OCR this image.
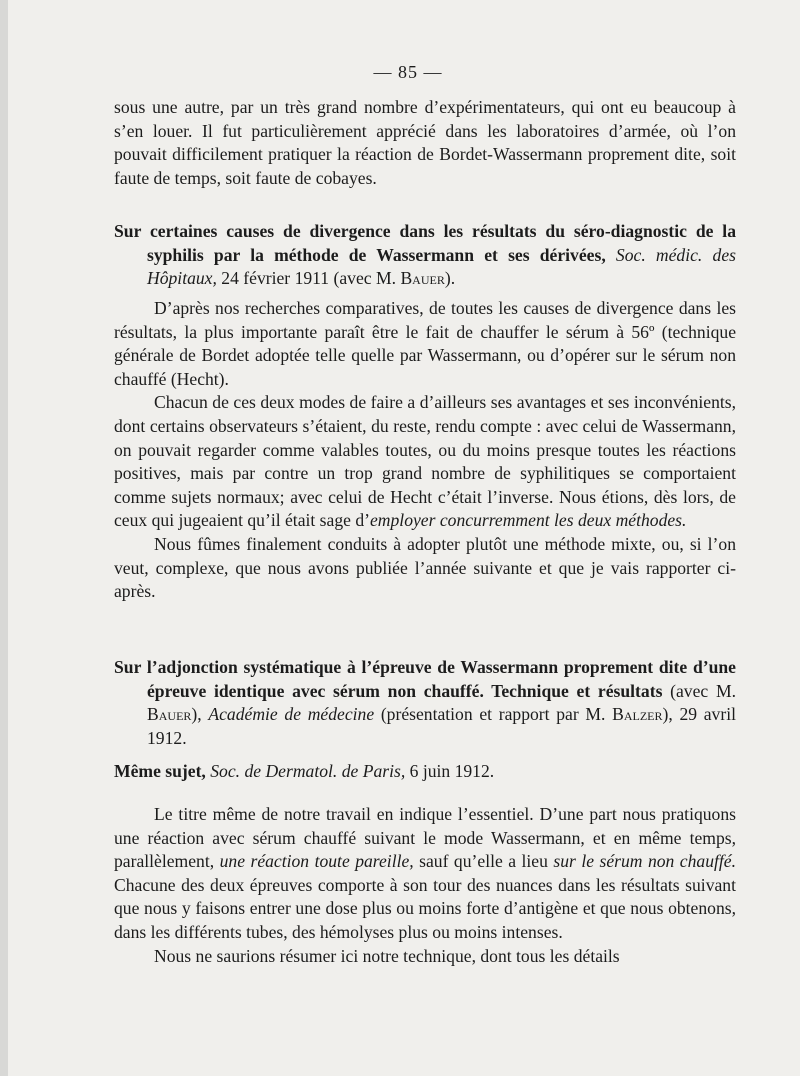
— 85 —

sous une autre, par un très grand nombre d’expérimentateurs, qui ont eu beaucoup à s’en louer. Il fut particulièrement apprécié dans les laboratoires d’armée, où l’on pouvait difficilement pratiquer la réaction de Bordet-Wassermann proprement dite, soit faute de temps, soit faute de cobayes.

Sur certaines causes de divergence dans les résultats du séro-diagnostic de la syphilis par la méthode de Wassermann et ses dérivées, Soc. médic. des Hôpitaux, 24 février 1911 (avec M. Bauer).

D’après nos recherches comparatives, de toutes les causes de divergence dans les résultats, la plus importante paraît être le fait de chauffer le sérum à 56º (technique générale de Bordet adoptée telle quelle par Wassermann, ou d’opérer sur le sérum non chauffé (Hecht).

Chacun de ces deux modes de faire a d’ailleurs ses avantages et ses inconvénients, dont certains observateurs s’étaient, du reste, rendu compte : avec celui de Wassermann, on pouvait regarder comme valables toutes, ou du moins presque toutes les réactions positives, mais par contre un trop grand nombre de syphilitiques se comportaient comme sujets normaux; avec celui de Hecht c’était l’inverse. Nous étions, dès lors, de ceux qui jugeaient qu’il était sage d’employer concurremment les deux méthodes.

Nous fûmes finalement conduits à adopter plutôt une méthode mixte, ou, si l’on veut, complexe, que nous avons publiée l’année suivante et que je vais rapporter ci-après.

Sur l’adjonction systématique à l’épreuve de Wassermann proprement dite d’une épreuve identique avec sérum non chauffé. Technique et résultats (avec M. Bauer), Académie de médecine (présentation et rapport par M. Balzer), 29 avril 1912.

Même sujet, Soc. de Dermatol. de Paris, 6 juin 1912.

Le titre même de notre travail en indique l’essentiel. D’une part nous pratiquons une réaction avec sérum chauffé suivant le mode Wassermann, et en même temps, parallèlement, une réaction toute pareille, sauf qu’elle a lieu sur le sérum non chauffé. Chacune des deux épreuves comporte à son tour des nuances dans les résultats suivant que nous y faisons entrer une dose plus ou moins forte d’antigène et que nous obtenons, dans les différents tubes, des hémolyses plus ou moins intenses.

Nous ne saurions résumer ici notre technique, dont tous les détails
